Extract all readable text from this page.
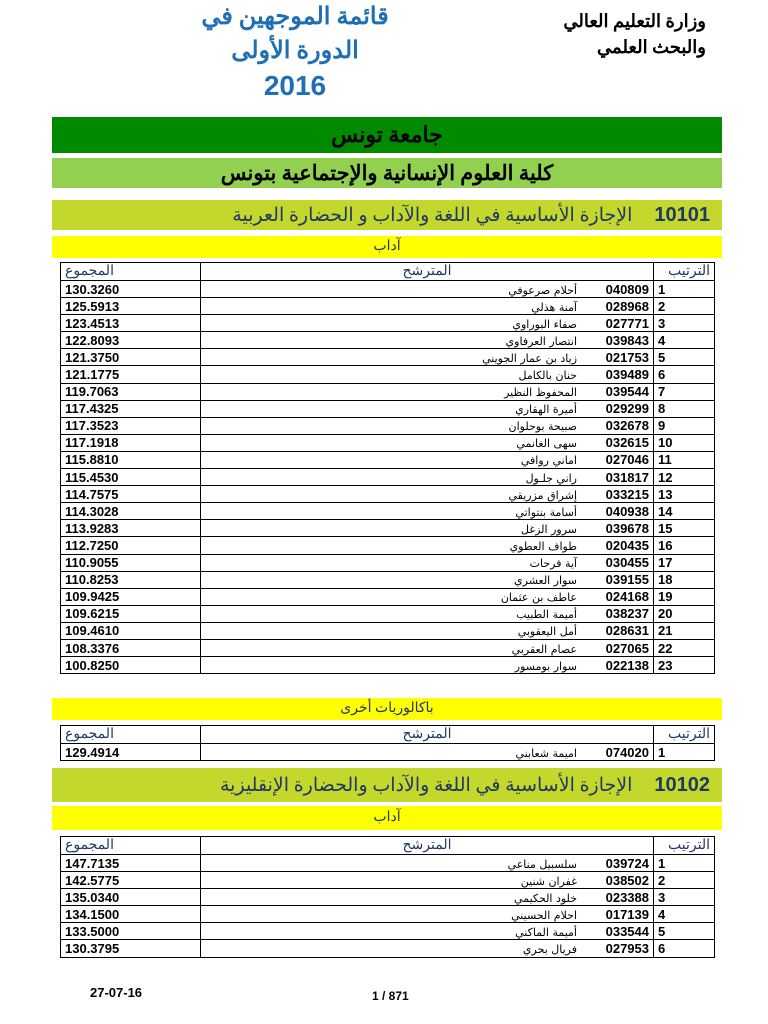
وزارة التعليم العالي
والبحث العلمي
قائمة الموجهين في
الدورة الأولى
2016
جامعة تونس
كلية العلوم الإنسانية والإجتماعية بتونس
10101
الإجازة الأساسية في اللغة والآداب و الحضارة العربية
آداب
المجموع	المترشح	الترتيب
130.3260	040809أحلام صرعوفي	1
125.5913	028968آمنة هذلي	2
123.4513	027771صفاء البوراوي	3
122.8093	039843انتصار العرفاوي	4
121.3750	021753زياد بن عمار الجويني	5
121.1775	039489حنان بالكامل	6
119.7063	039544المحفوظ النظير	7
117.4325	029299أميرة الهقاري	8
117.3523	032678صبيحة بوحلوان	9
117.1918	032615سهى الغانمي	10
115.8810	027046اماني روافي	11
115.4530	031817راني جلـول	12
114.7575	033215إشراق مزريقي	13
114.3028	040938أسامة بنتواتي	14
113.9283	039678سرور الزغل	15
112.7250	020435طواف العطوي	16
110.9055	030455آية فرحات	17
110.8253	039155سوار العشري	18
109.9425	024168عاطف بن عثمان	19
109.6215	038237أميمة الطبيب	20
109.4610	028631أمل اليعقوبي	21
108.3376	027065عصام العقربي	22
100.8250	022138سوار بومسور	23
باكالوريات أخرى
المجموع	المترشح	الترتيب
129.4914	074020اميمة شعابني	1
10102
الإجازة الأساسية في اللغة والآداب والحضارة الإنقليزية
آداب
المجموع	المترشح	الترتيب
147.7135	039724سلسبيل مناعي	1
142.5775	038502غفران شنين	2
135.0340	023388خلود الحكيمي	3
134.1500	017139احلام الحسيني	4
133.5000	033544أميمة الماكني	5
130.3795	027953فريال بحري	6
27-07-16	1 / 871
